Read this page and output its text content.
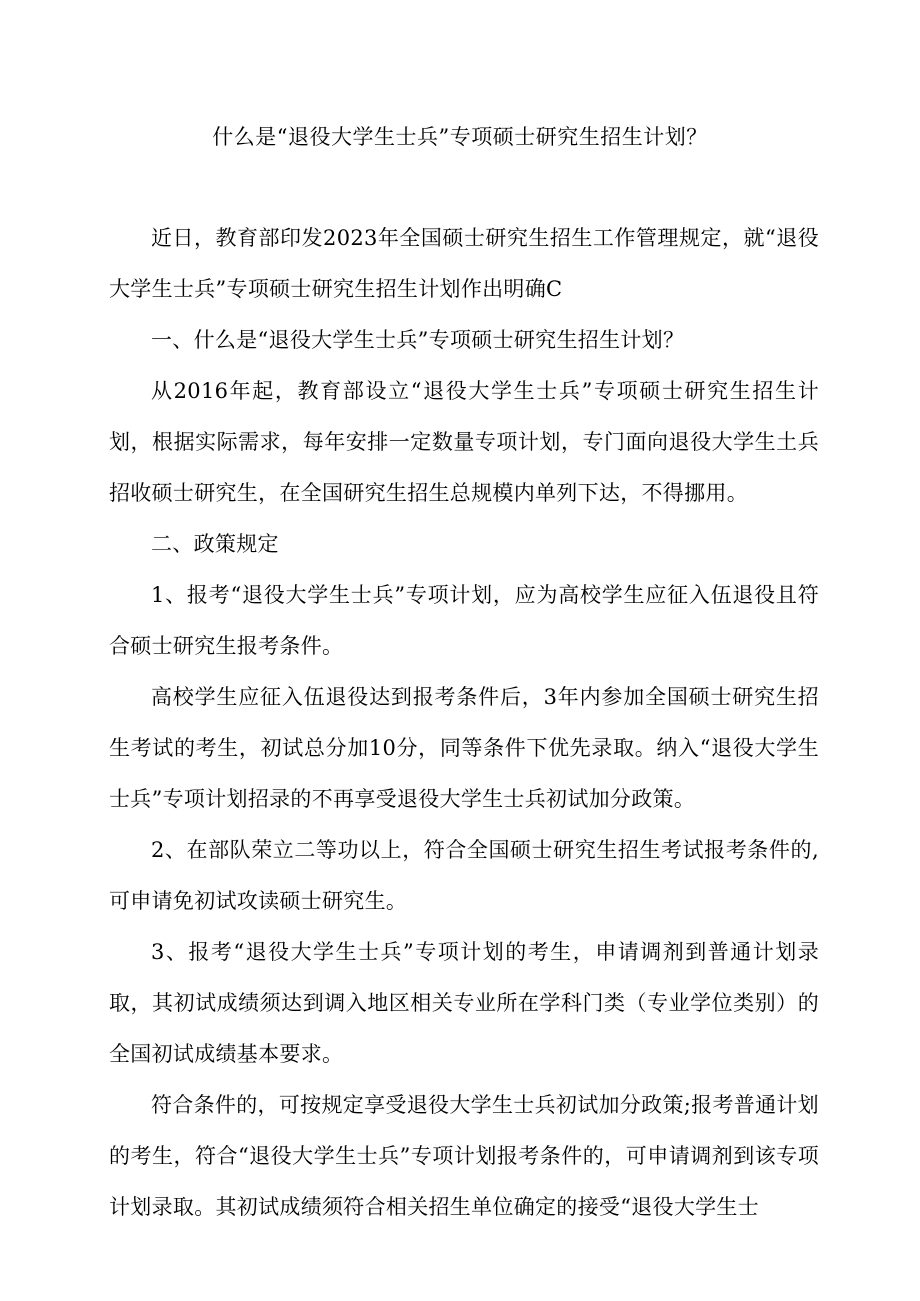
什么是“退役大学生士兵”专项硕士研究生招生计划？

近日，教育部印发2023年全国硕士研究生招生工作管理规定，就“退役大学生士兵”专项硕士研究生招生计划作出明确C

一、什么是“退役大学生士兵”专项硕士研究生招生计划？

从2016年起，教育部设立“退役大学生士兵”专项硕士研究生招生计划，根据实际需求，每年安排一定数量专项计划，专门面向退役大学生土兵招收硕士研究生，在全国研究生招生总规模内单列下达，不得挪用。

二、政策规定

1、报考“退役大学生士兵”专项计划，应为高校学生应征入伍退役且符合硕士研究生报考条件。

高校学生应征入伍退役达到报考条件后，3年内参加全国硕士研究生招生考试的考生，初试总分加10分，同等条件下优先录取。纳入“退役大学生士兵”专项计划招录的不再享受退役大学生士兵初试加分政策。

2、在部队荣立二等功以上，符合全国硕士研究生招生考试报考条件的,可申请免初试攻读硕士研究生。

3、报考“退役大学生士兵”专项计划的考生，申请调剂到普通计划录取，其初试成绩须达到调入地区相关专业所在学科门类（专业学位类别）的全国初试成绩基本要求。

符合条件的，可按规定享受退役大学生士兵初试加分政策;报考普通计划的考生，符合“退役大学生士兵”专项计划报考条件的，可申请调剂到该专项计划录取。其初试成绩须符合相关招生单位确定的接受“退役大学生士
